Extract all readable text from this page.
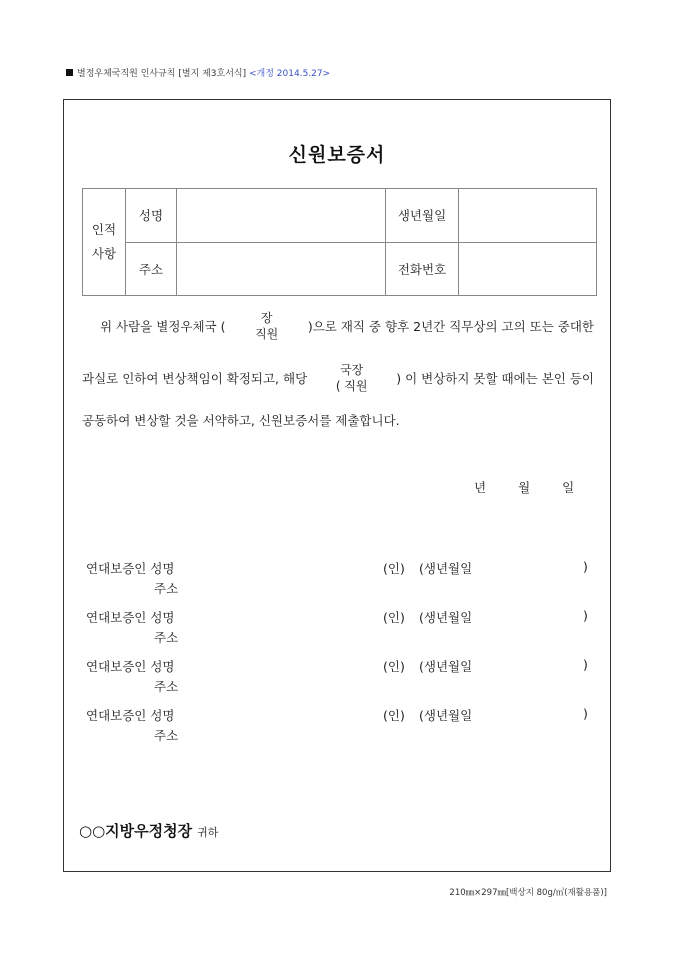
별정우체국직원 인사규칙 [별지 제3호서식] <개정 2014.5.27>
신원보증서
인적
사항	성명		생년월일	
	주소		전화번호	
위 사람을 별정우체국 (
장
직원 )으로 재직 중 향후 2년간 직무상의 고의 또는 중대한
과실로 인하여 변상책임이 확정되고, 해당
국장
( 직원 ) 이 변상하지 못할 때에는 본인 등이
공동하여 변상할 것을 서약하고, 신원보증서를 제출합니다.
년	월	일
연대보증인 성명	(인) (생년월일	)
주소
연대보증인 성명	(인) (생년월일	)
주소
연대보증인 성명	(인) (생년월일	)
주소
연대보증인 성명	(인) (생년월일	)
주소
○○지방우정청장 귀하
210㎜×297㎜[백상지 80g/㎡(재활용품)]
